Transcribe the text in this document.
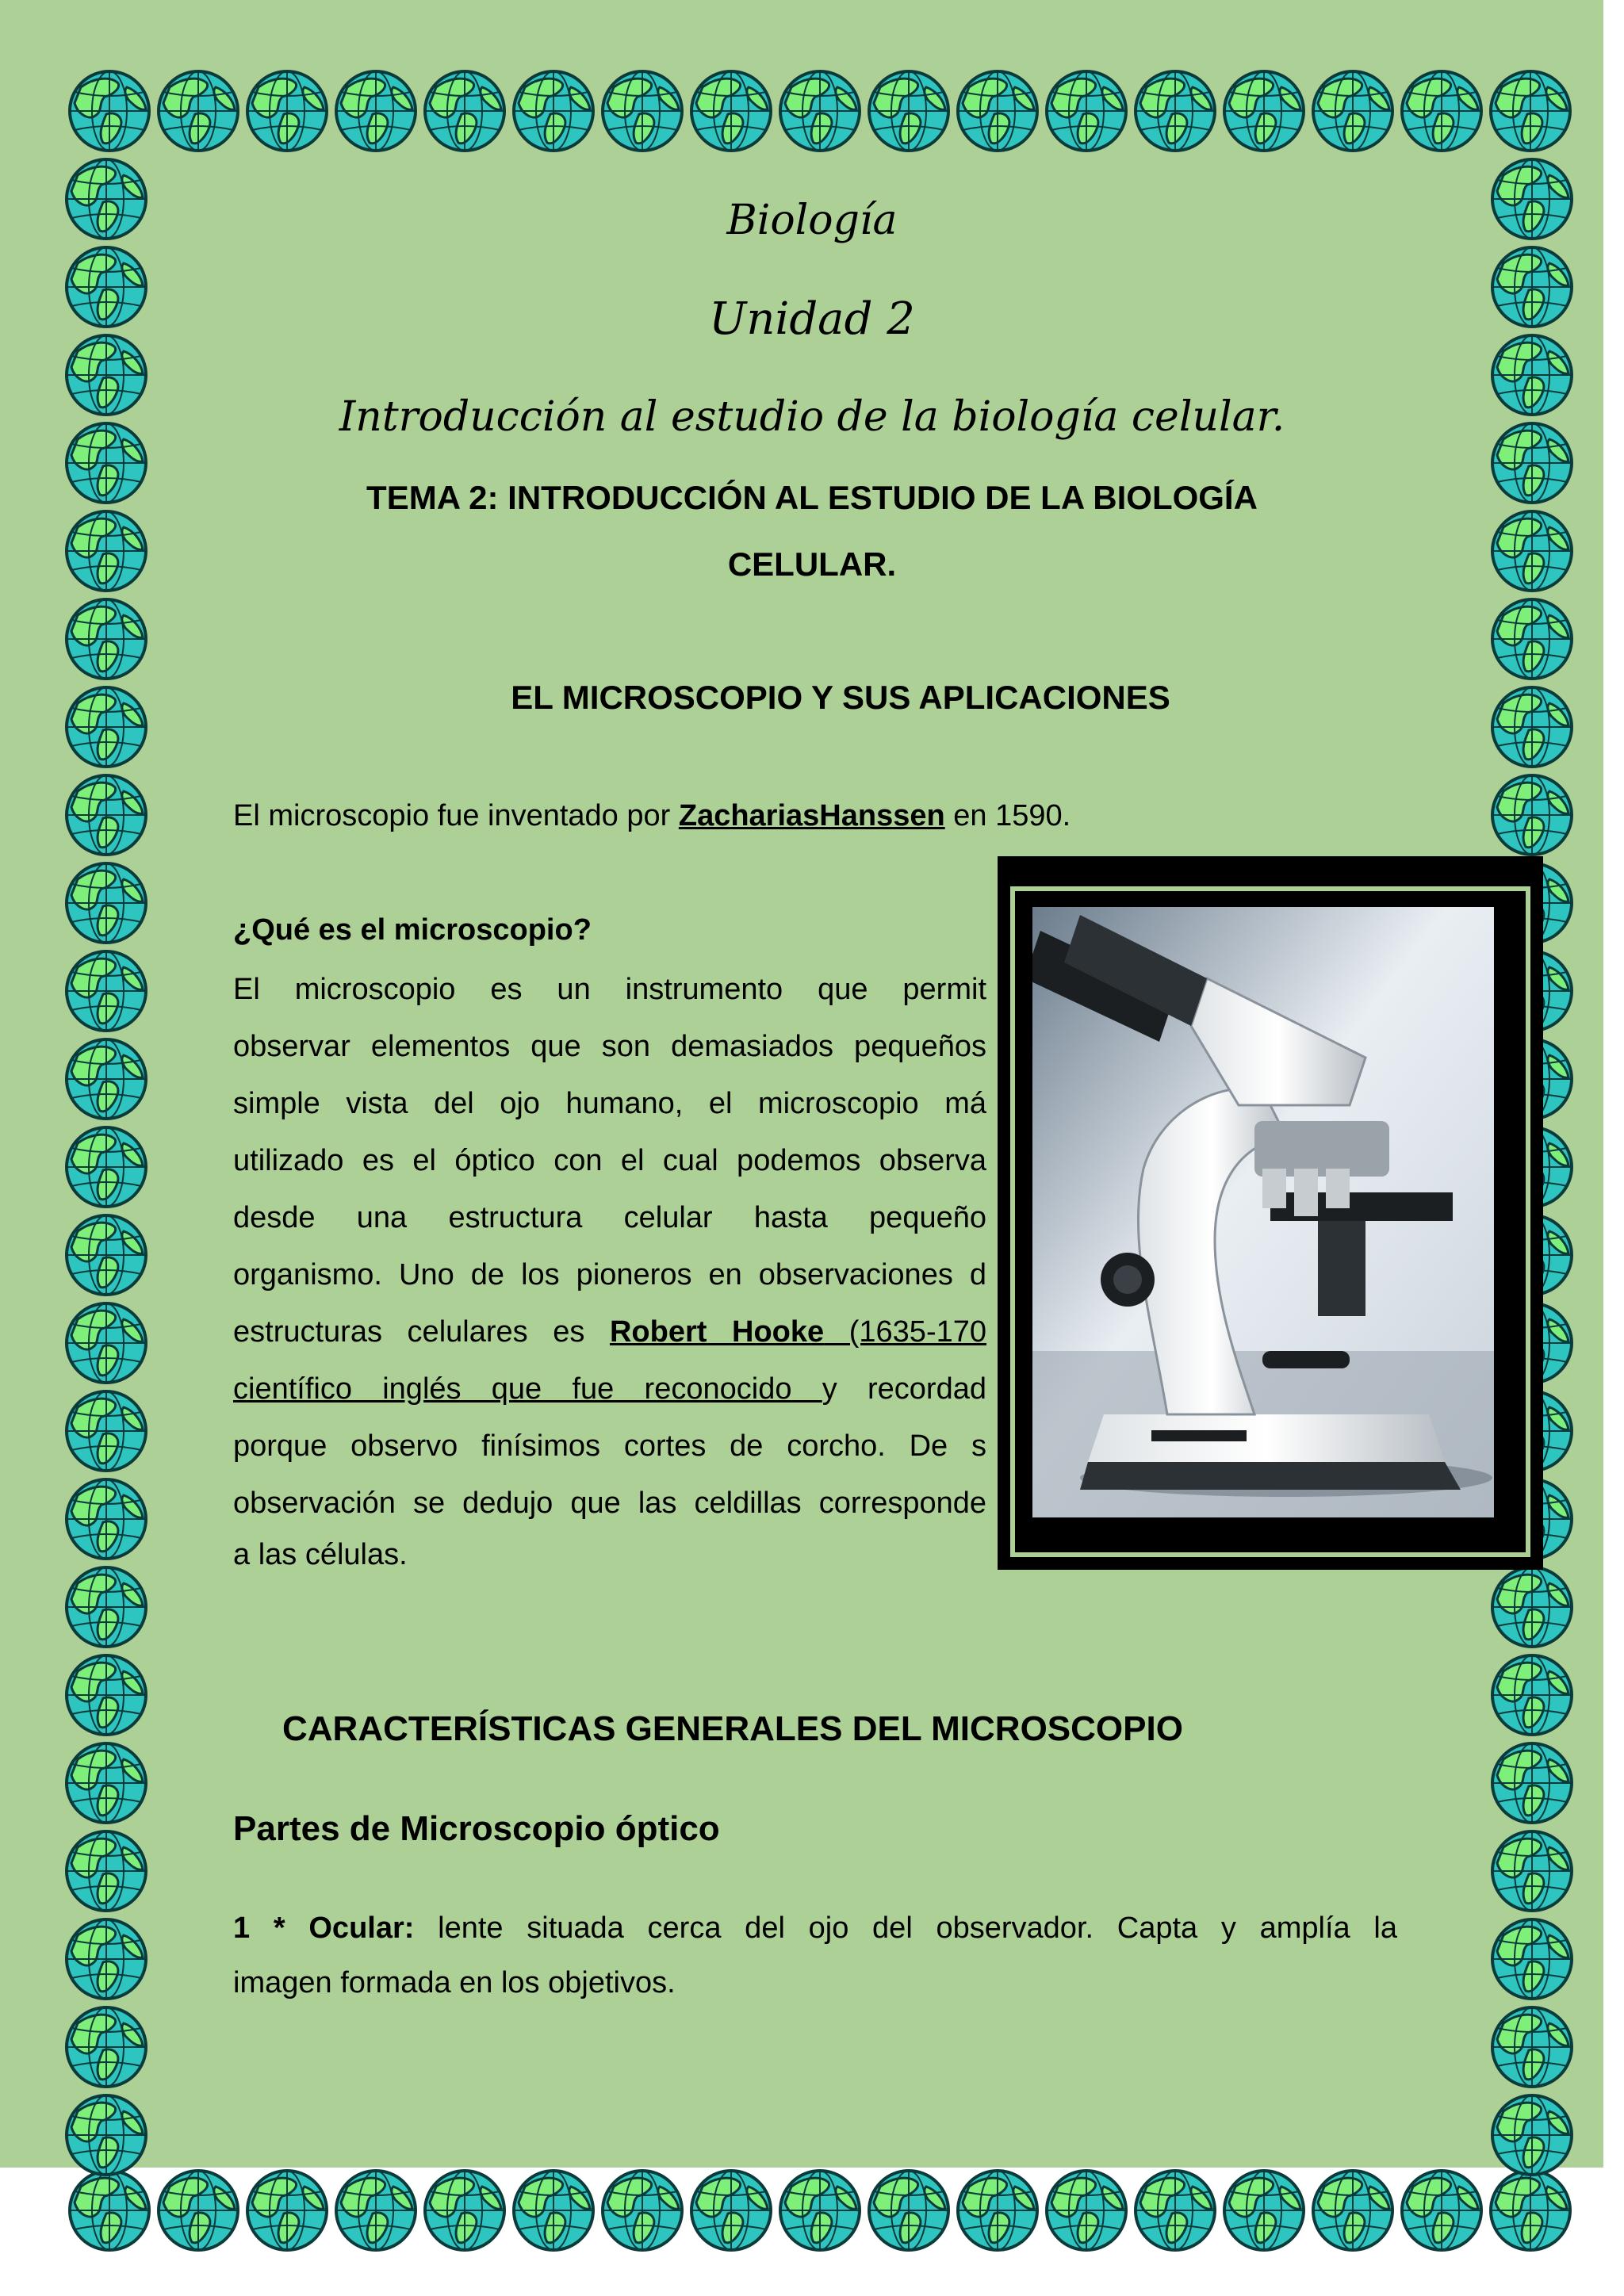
Biología
Unidad 2
Introducción al estudio de la biología celular.
TEMA 2: INTRODUCCIÓN AL ESTUDIO DE LA BIOLOGÍA
CELULAR.
EL MICROSCOPIO Y SUS APLICACIONES
El microscopio fue inventado por ZachariasHanssen en 1590.
¿Qué es el microscopio?
El microscopio es un instrumento que permit
observar elementos que son demasiados pequeños
simple vista del ojo humano, el microscopio má
utilizado es el óptico con el cual podemos observa
desde una estructura celular hasta pequeño
organismo. Uno de los pioneros en observaciones d
estructuras celulares es Robert Hooke (1635-170
científico inglés que fue reconocido y recordad
porque observo finísimos cortes de corcho. De s
observación se dedujo que las celdillas corresponde
a las células.
CARACTERÍSTICAS GENERALES DEL MICROSCOPIO
Partes de Microscopio óptico
1 * Ocular: lente situada cerca del ojo del observador. Capta y amplía la
imagen formada en los objetivos.
